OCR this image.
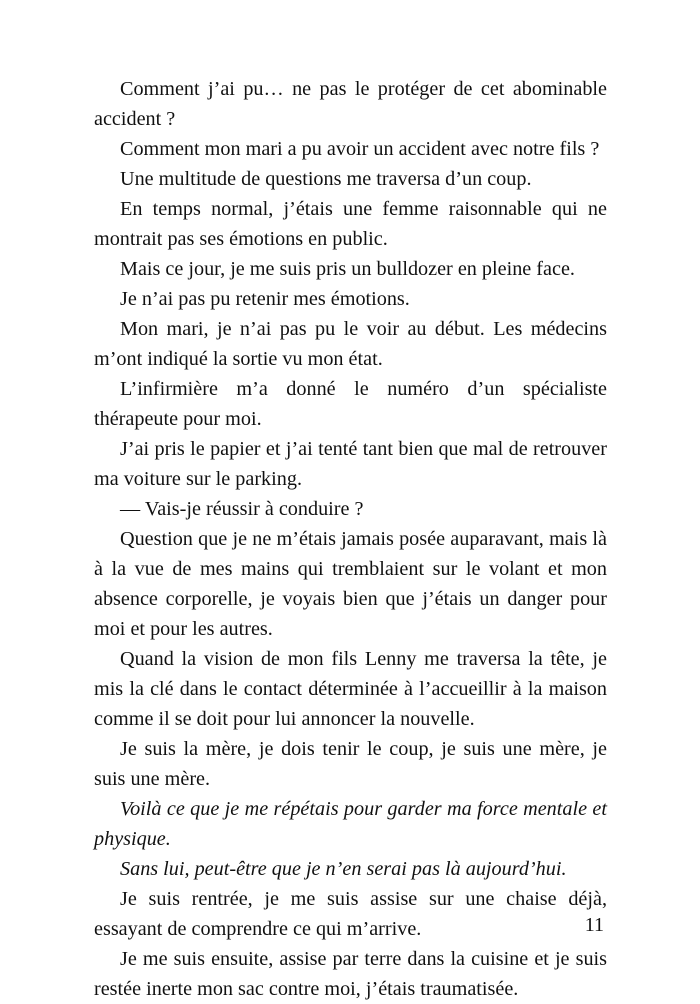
Comment j’ai pu… ne pas le protéger de cet abominable accident ?

Comment mon mari a pu avoir un accident avec notre fils ?

Une multitude de questions me traversa d’un coup.

En temps normal, j’étais une femme raisonnable qui ne montrait pas ses émotions en public.

Mais ce jour, je me suis pris un bulldozer en pleine face.

Je n’ai pas pu retenir mes émotions.

Mon mari, je n’ai pas pu le voir au début. Les médecins m’ont indiqué la sortie vu mon état.

L’infirmière m’a donné le numéro d’un spécialiste thérapeute pour moi.

J’ai pris le papier et j’ai tenté tant bien que mal de retrouver ma voiture sur le parking.

— Vais-je réussir à conduire ?

Question que je ne m’étais jamais posée auparavant, mais là à la vue de mes mains qui tremblaient sur le volant et mon absence corporelle, je voyais bien que j’étais un danger pour moi et pour les autres.

Quand la vision de mon fils Lenny me traversa la tête, je mis la clé dans le contact déterminée à l’accueillir à la maison comme il se doit pour lui annoncer la nouvelle.

Je suis la mère, je dois tenir le coup, je suis une mère, je suis une mère.

Voilà ce que je me répétais pour garder ma force mentale et physique.

Sans lui, peut-être que je n’en serai pas là aujourd’hui.

Je suis rentrée, je me suis assise sur une chaise déjà, essayant de comprendre ce qui m’arrive.

Je me suis ensuite, assise par terre dans la cuisine et je suis restée inerte mon sac contre moi, j’étais traumatisée.

11
